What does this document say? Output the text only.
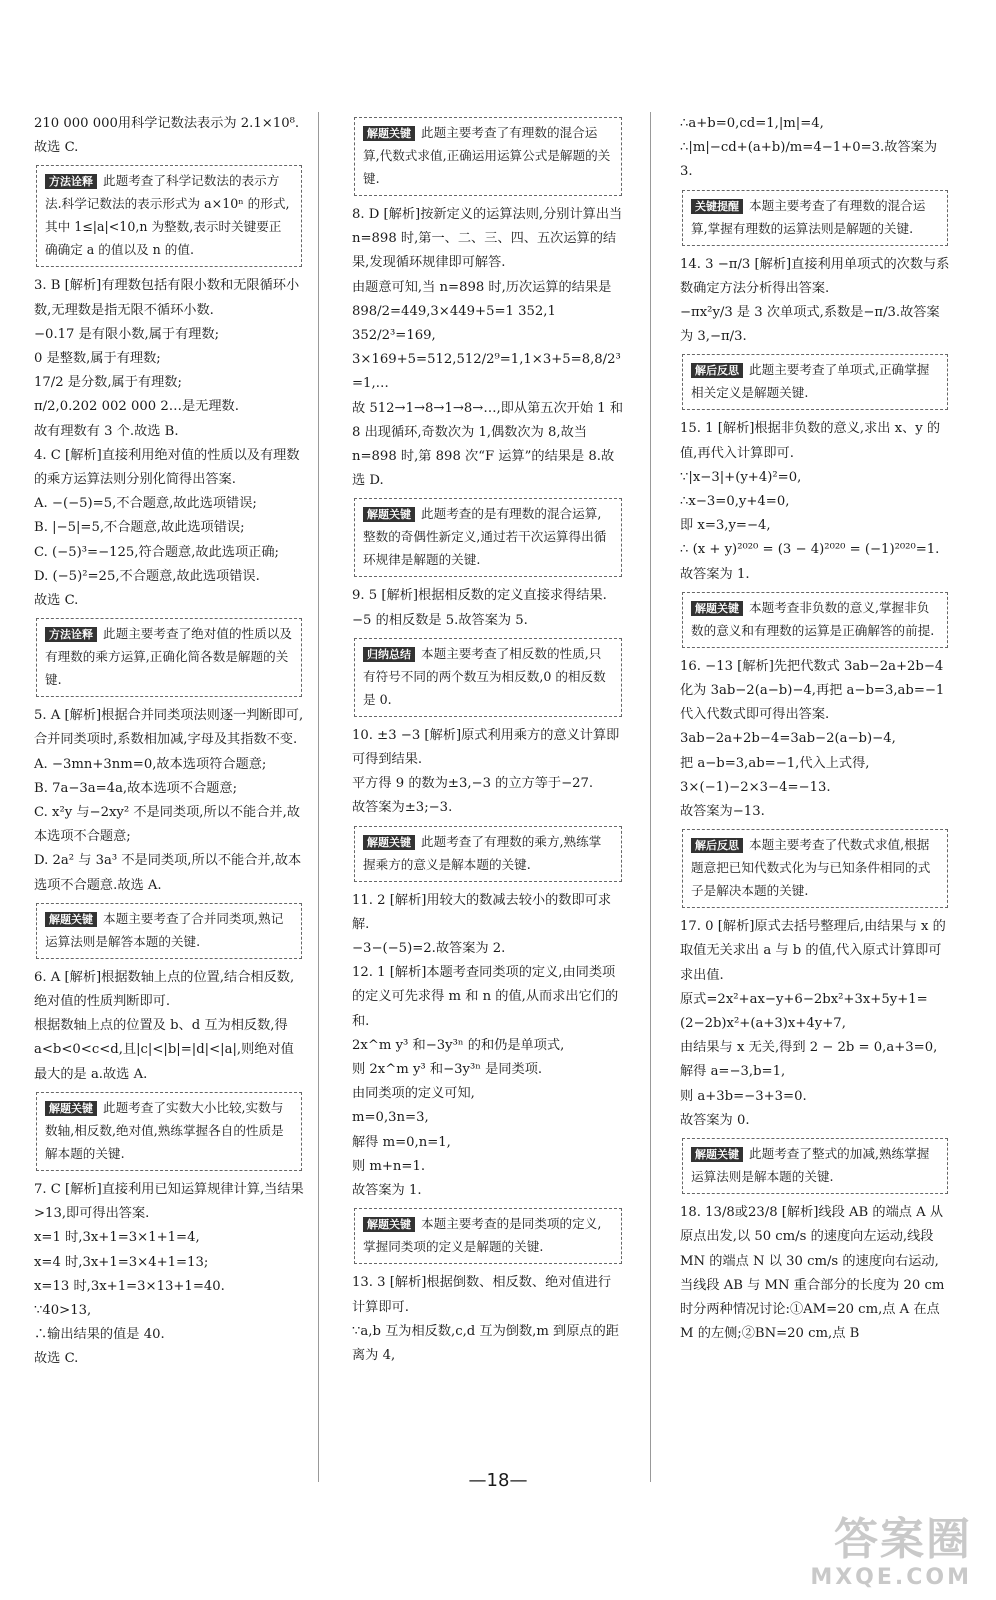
210 000 000用科学记数法表示为 2.1×10⁸.
故选 C.
方法诠释 此题考查了科学记数法的表示方法.科学记数法的表示形式为 a×10ⁿ 的形式,其中 1≤|a|<10,n 为整数,表示时关键要正确确定 a 的值以及 n 的值.
3. B [解析]有理数包括有限小数和无限循环小数,无理数是指无限不循环小数.
−0.17 是有限小数,属于有理数;
0 是整数,属于有理数;
17/2 是分数,属于有理数;
π/2,0.202 002 000 2…是无理数.
故有理数有 3 个.故选 B.
4. C [解析]直接利用绝对值的性质以及有理数的乘方运算法则分别化简得出答案.
A. −(−5)=5,不合题意,故此选项错误;
B. |−5|=5,不合题意,故此选项错误;
C. (−5)³=−125,符合题意,故此选项正确;
D. (−5)²=25,不合题意,故此选项错误.
故选 C.
方法诠释 此题主要考查了绝对值的性质以及有理数的乘方运算,正确化简各数是解题的关键.
5. A [解析]根据合并同类项法则逐一判断即可,合并同类项时,系数相加减,字母及其指数不变.
A. −3mn+3nm=0,故本选项符合题意;
B. 7a−3a=4a,故本选项不合题意;
C. x²y 与−2xy² 不是同类项,所以不能合并,故本选项不合题意;
D. 2a² 与 3a³ 不是同类项,所以不能合并,故本选项不合题意.故选 A.
解题关键 本题主要考查了合并同类项,熟记运算法则是解答本题的关键.
6. A [解析]根据数轴上点的位置,结合相反数,绝对值的性质判断即可.
根据数轴上点的位置及 b、d 互为相反数,得 a<b<0<c<d,且|c|<|b|=|d|<|a|,则绝对值最大的是 a.故选 A.
解题关键 此题考查了实数大小比较,实数与数轴,相反数,绝对值,熟练掌握各自的性质是解本题的关键.
7. C [解析]直接利用已知运算规律计算,当结果>13,即可得出答案.
x=1 时,3x+1=3×1+1=4,
x=4 时,3x+1=3×4+1=13;
x=13 时,3x+1=3×13+1=40.
∵40>13,
∴输出结果的值是 40.
故选 C.
解题关键 此题主要考查了有理数的混合运算,代数式求值,正确运用运算公式是解题的关键.
8. D [解析]按新定义的运算法则,分别计算出当 n=898 时,第一、二、三、四、五次运算的结果,发现循环规律即可解答.
由题意可知,当 n=898 时,历次运算的结果是
898/2=449,3×449+5=1 352,1 352/2³=169,
3×169+5=512,512/2⁹=1,1×3+5=8,8/2³
=1,…
故 512→1→8→1→8→…,即从第五次开始 1 和 8 出现循环,奇数次为 1,偶数次为 8,故当 n=898 时,第 898 次“F 运算”的结果是 8.故选 D.
解题关键 此题考查的是有理数的混合运算,整数的奇偶性新定义,通过若干次运算得出循环规律是解题的关键.
9. 5 [解析]根据相反数的定义直接求得结果.
−5 的相反数是 5.故答案为 5.
归纳总结 本题主要考查了相反数的性质,只有符号不同的两个数互为相反数,0 的相反数是 0.
10. ±3 −3 [解析]原式利用乘方的意义计算即可得到结果.
平方得 9 的数为±3,−3 的立方等于−27.
故答案为±3;−3.
解题关键 此题考查了有理数的乘方,熟练掌握乘方的意义是解本题的关键.
11. 2 [解析]用较大的数减去较小的数即可求解.
−3−(−5)=2.故答案为 2.
12. 1 [解析]本题考查同类项的定义,由同类项的定义可先求得 m 和 n 的值,从而求出它们的和.
2x^m y³ 和−3y³ⁿ 的和仍是单项式,
则 2x^m y³ 和−3y³ⁿ 是同类项.
由同类项的定义可知,
m=0,3n=3,
解得 m=0,n=1,
则 m+n=1.
故答案为 1.
解题关键 本题主要考查的是同类项的定义,掌握同类项的定义是解题的关键.
13. 3 [解析]根据倒数、相反数、绝对值进行计算即可.
∵a,b 互为相反数,c,d 互为倒数,m 到原点的距离为 4,
∴a+b=0,cd=1,|m|=4,
∴|m|−cd+(a+b)/m=4−1+0=3.故答案为 3.
关键提醒 本题主要考查了有理数的混合运算,掌握有理数的运算法则是解题的关键.
14. 3 −π/3 [解析]直接利用单项式的次数与系数确定方法分析得出答案.
−πx²y/3 是 3 次单项式,系数是−π/3.故答案为 3,−π/3.
解后反思 此题主要考查了单项式,正确掌握相关定义是解题关键.
15. 1 [解析]根据非负数的意义,求出 x、y 的值,再代入计算即可.
∵|x−3|+(y+4)²=0,
∴x−3=0,y+4=0,
即 x=3,y=−4,
∴ (x + y)²⁰²⁰ = (3 − 4)²⁰²⁰ = (−1)²⁰²⁰=1.故答案为 1.
解题关键 本题考查非负数的意义,掌握非负数的意义和有理数的运算是正确解答的前提.
16. −13 [解析]先把代数式 3ab−2a+2b−4 化为 3ab−2(a−b)−4,再把 a−b=3,ab=−1 代入代数式即可得出答案.
3ab−2a+2b−4=3ab−2(a−b)−4,
把 a−b=3,ab=−1,代入上式得,
3×(−1)−2×3−4=−13.
故答案为−13.
解后反思 本题主要考查了代数式求值,根据题意把已知代数式化为与已知条件相同的式子是解决本题的关键.
17. 0 [解析]原式去括号整理后,由结果与 x 的取值无关求出 a 与 b 的值,代入原式计算即可求出值.
原式=2x²+ax−y+6−2bx²+3x+5y+1=(2−2b)x²+(a+3)x+4y+7,
由结果与 x 无关,得到 2 − 2b = 0,a+3=0,
解得 a=−3,b=1,
则 a+3b=−3+3=0.
故答案为 0.
解题关键 此题考查了整式的加减,熟练掌握运算法则是解本题的关键.
18. 13/8或23/8 [解析]线段 AB 的端点 A 从原点出发,以 50 cm/s 的速度向左运动,线段 MN 的端点 N 以 30 cm/s 的速度向右运动,当线段 AB 与 MN 重合部分的长度为 20 cm 时分两种情况讨论:①AM=20 cm,点 A 在点 M 的左侧;②BN=20 cm,点 B
—18—
答案圈
MXQE.COM
